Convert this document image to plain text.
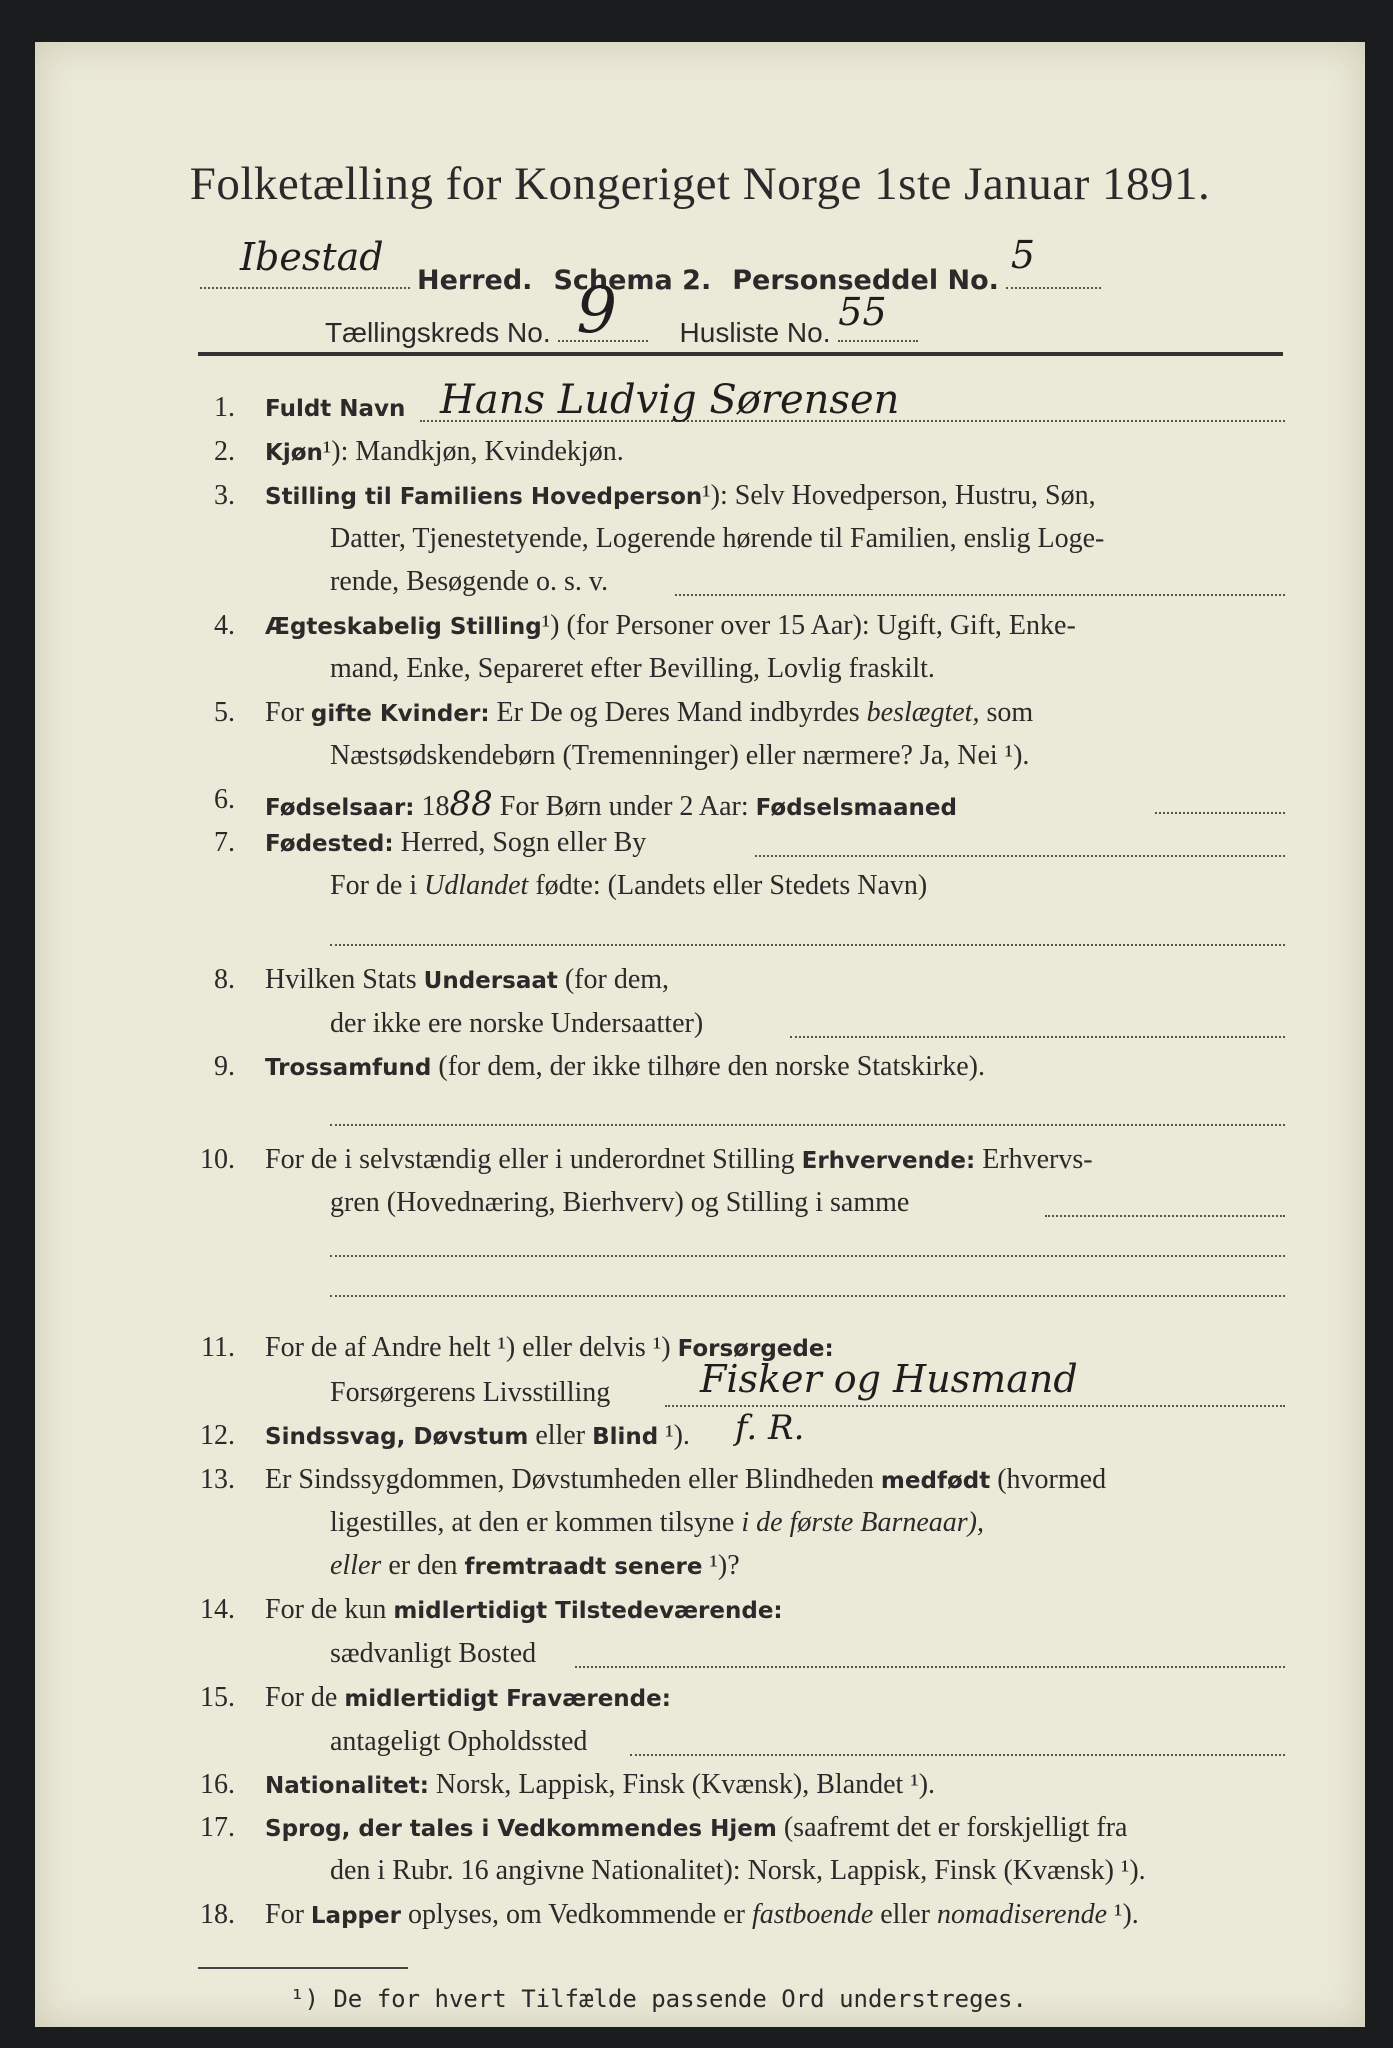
Folketælling for Kongeriget Norge 1ste Januar 1891.
Ibestad
Herred. Schema 2. Personseddel No.
5
Tællingskreds No. 9 Husliste No. 55
1. Fuldt Navn Hans Ludvig Sørensen
2. Kjøn¹): Mandkjøn, Kvindekjøn.
3. Stilling til Familiens Hovedperson¹): Selv Hovedperson, Hustru, Søn,
Datter, Tjenestetyende, Logerende hørende til Familien, enslig Loge-
rende, Besøgende o. s. v.
4. Ægteskabelig Stilling¹) (for Personer over 15 Aar): Ugift, Gift, Enke-
mand, Enke, Separeret efter Bevilling, Lovlig fraskilt.
5. For gifte Kvinder: Er De og Deres Mand indbyrdes beslægtet, som
Næstsødskendebørn (Tremenninger) eller nærmere? Ja, Nei ¹).
6. Fødselsaar: 1888 For Børn under 2 Aar: Fødselsmaaned
7. Fødested: Herred, Sogn eller By
For de i Udlandet fødte: (Landets eller Stedets Navn)
8. Hvilken Stats Undersaat (for dem,
der ikke ere norske Undersaatter)
9. Trossamfund (for dem, der ikke tilhøre den norske Statskirke).
10. For de i selvstændig eller i underordnet Stilling Erhvervende: Erhvervs-
gren (Hovednæring, Bierhverv) og Stilling i samme
11. For de af Andre helt ¹) eller delvis ¹) Forsørgede:
Forsørgerens Livsstilling Fisker og Husmand
12. Sindssvag, Døvstum eller Blind ¹). f. R.
13. Er Sindssygdommen, Døvstumheden eller Blindheden medfødt (hvormed
ligestilles, at den er kommen tilsyne i de første Barneaar),
eller er den fremtraadt senere ¹)?
14. For de kun midlertidigt Tilstedeværende:
sædvanligt Bosted
15. For de midlertidigt Fraværende:
antageligt Opholdssted
16. Nationalitet: Norsk, Lappisk, Finsk (Kvænsk), Blandet ¹).
17. Sprog, der tales i Vedkommendes Hjem (saafremt det er forskjelligt fra
den i Rubr. 16 angivne Nationalitet): Norsk, Lappisk, Finsk (Kvænsk) ¹).
18. For Lapper oplyses, om Vedkommende er fastboende eller nomadiserende ¹).
¹) De for hvert Tilfælde passende Ord understreges.
